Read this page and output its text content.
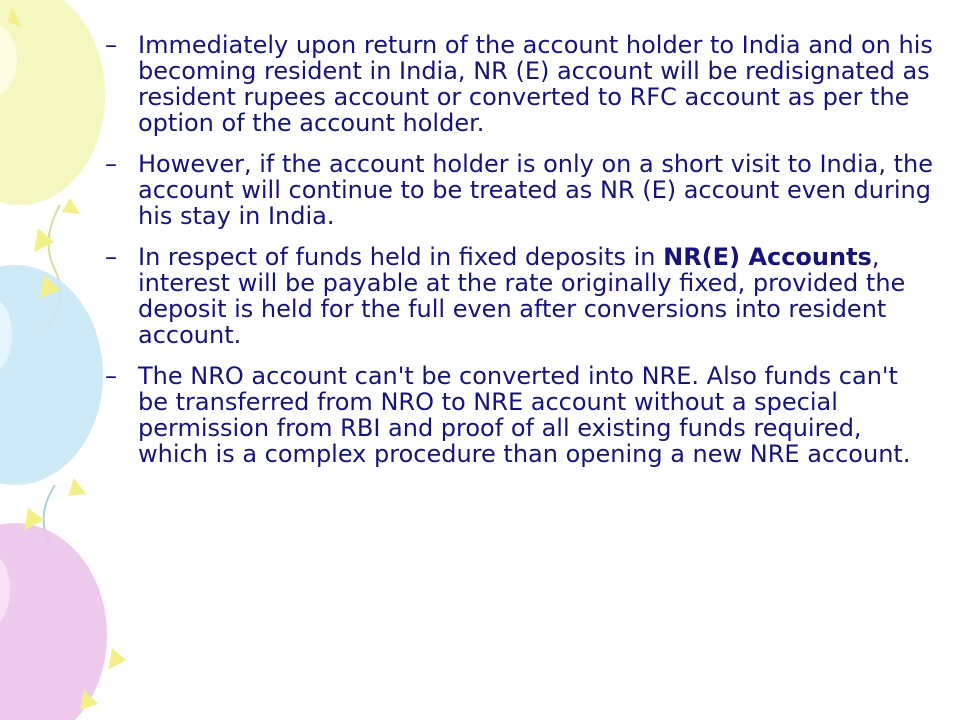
– Immediately upon return of the account holder to India and on his becoming resident in India, NR (E) account will be redisignated as resident rupees account or converted to RFC account as per the option of the account holder.
– However, if the account holder is only on a short visit to India, the account will continue to be treated as NR (E) account even during his stay in India.
– In respect of funds held in fixed deposits in NR(E) Accounts, interest will be payable at the rate originally fixed, provided the deposit is held for the full even after conversions into resident account.
– The NRO account can't be converted into NRE. Also funds can't be transferred from NRO to NRE account without a special permission from RBI and proof of all existing funds required, which is a complex procedure than opening a new NRE account.
